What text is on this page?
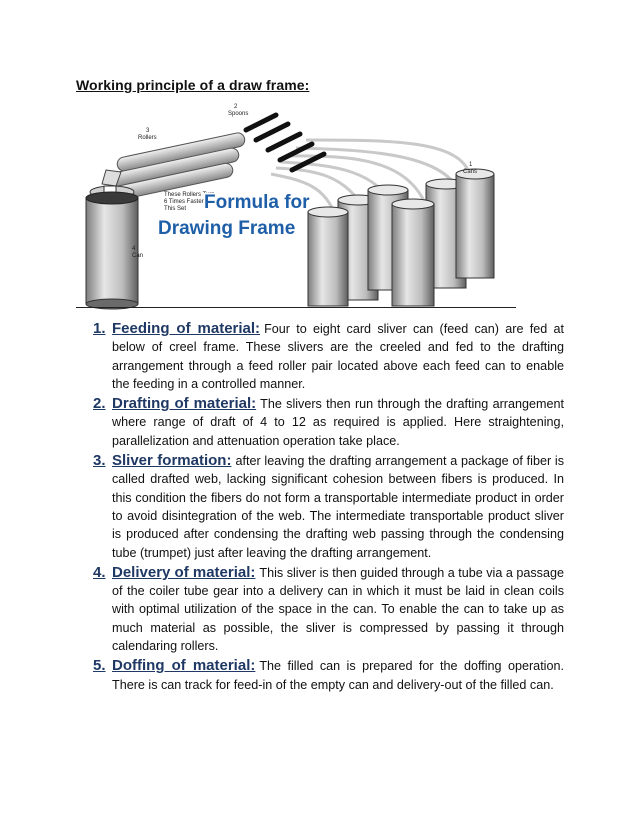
Working principle of a draw frame:
2
Spoons
3
Rollers
1
Cans
4
Can
These Rollers Turn
6 Times Faster
This Set Formula for
Drawing Frame
1. Feeding of material: Four to eight card sliver can (feed can) are fed at below of creel frame. These slivers are the creeled and fed to the drafting arrangement through a feed roller pair located above each feed can to enable the feeding in a controlled manner.
2. Drafting of material: The slivers then run through the drafting arrangement where range of draft of 4 to 12 as required is applied. Here straightening, parallelization and attenuation operation take place.
3. Sliver formation: after leaving the drafting arrangement a package of fiber is called drafted web, lacking significant cohesion between fibers is produced. In this condition the fibers do not form a transportable intermediate product in order to avoid disintegration of the web. The intermediate transportable product sliver is produced after condensing the drafting web passing through the condensing tube (trumpet) just after leaving the drafting arrangement.
4. Delivery of material: This sliver is then guided through a tube via a passage of the coiler tube gear into a delivery can in which it must be laid in clean coils with optimal utilization of the space in the can. To enable the can to take up as much material as possible, the sliver is compressed by passing it through calendaring rollers.
5. Doffing of material: The filled can is prepared for the doffing operation. There is can track for feed-in of the empty can and delivery-out of the filled can.
